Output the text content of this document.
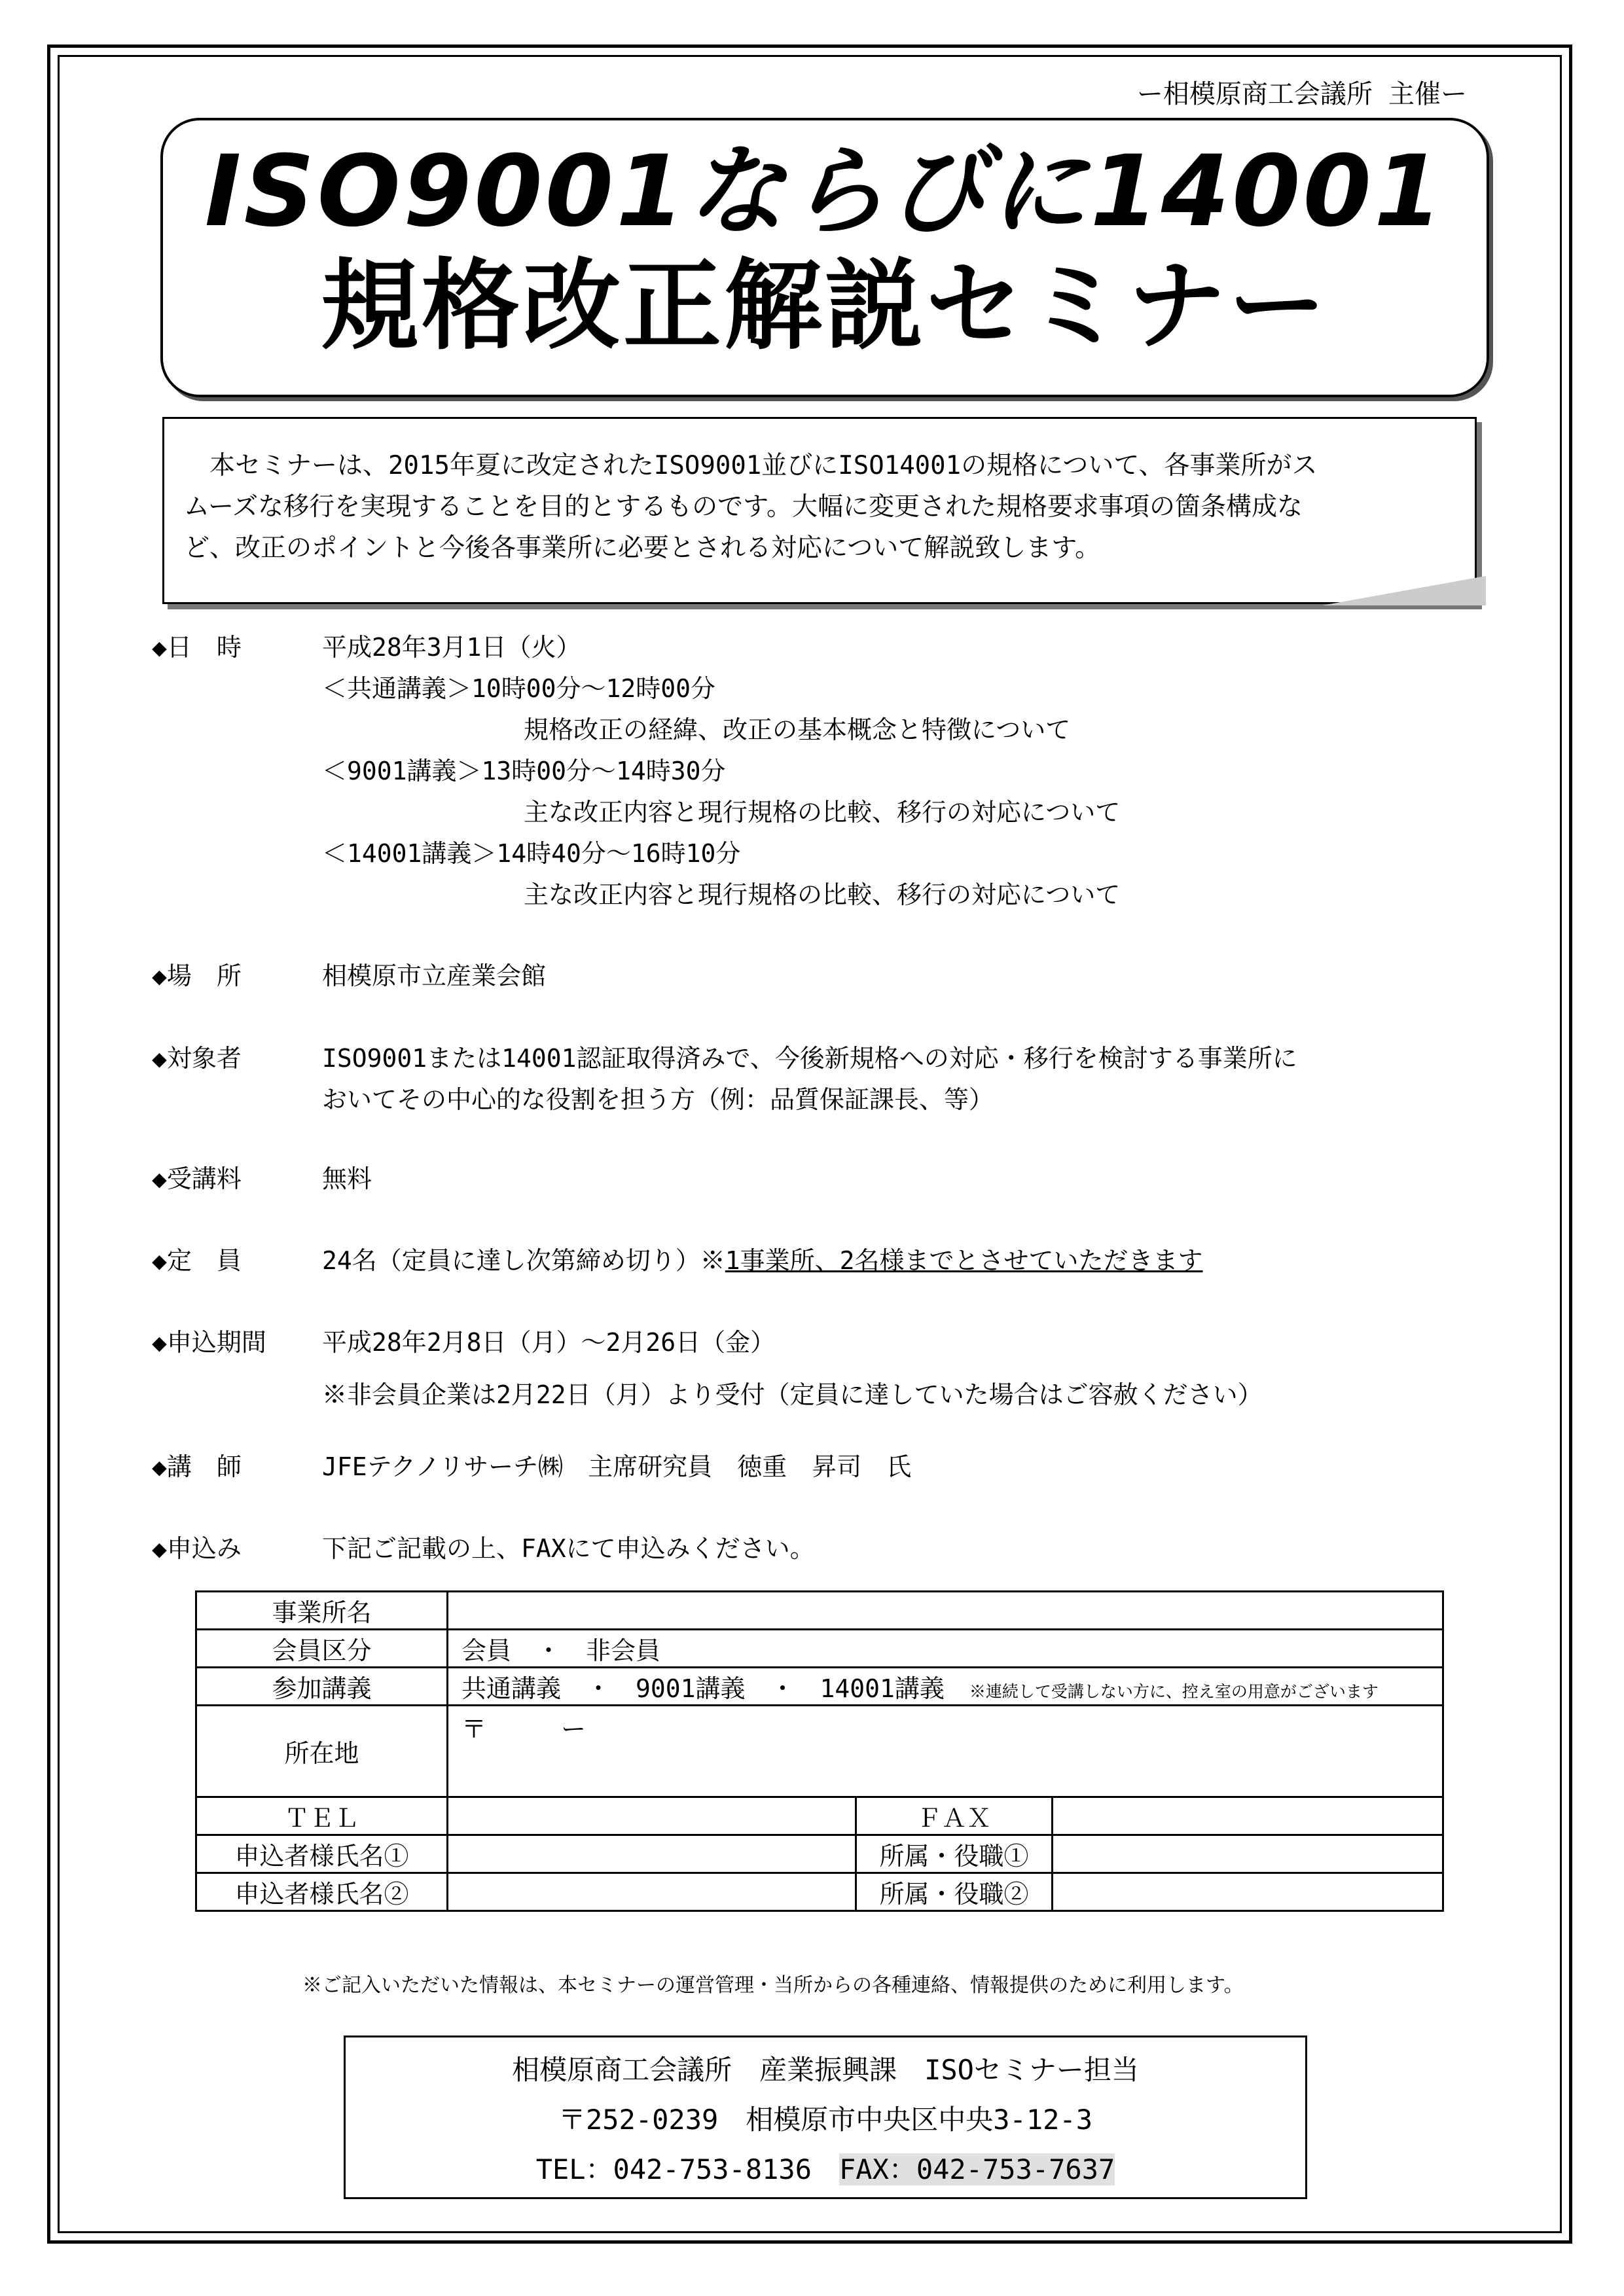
ー相模原商工会議所 主催ー
ISO9001ならびに14001
規格改正解説セミナー

本セミナーは、2015年夏に改定されたISO9001並びにISO14001の規格について、各事業所がス

ムーズな移行を実現することを目的とするものです。大幅に変更された規格要求事項の箇条構成な
ど、改正のポイントと今後各事業所に必要とされる対応について解説致します。
◆日　時	平成28年3月1日（火）
＜共通講義＞10時00分～12時00分
規格改正の経緯、改正の基本概念と特徴について
＜9001講義＞13時00分～14時30分
主な改正内容と現行規格の比較、移行の対応について
＜14001講義＞14時40分～16時10分
主な改正内容と現行規格の比較、移行の対応について
◆場　所	相模原市立産業会館
◆対象者	ISO9001または14001認証取得済みで、今後新規格への対応・移行を検討する事業所に
おいてその中心的な役割を担う方（例：品質保証課長、等）
◆受講料	無料
◆定　員	24名（定員に達し次第締め切り）※1事業所、2名様までとさせていただきます
◆申込期間 平成28年2月8日（月）～2月26日（金）
※非会員企業は2月22日（月）より受付（定員に達していた場合はご容赦ください）
◆講　師	JFEテクノリサーチ㈱　主席研究員　徳重　昇司　氏
◆申込み	下記ご記載の上、FAXにて申込みください。
事業所名			
会員区分	会員　・　非会員		
参加講義	共通講義　・　9001講義　・　14001講義　 ※連続して受講しない方に、控え室の用意がございます		
所在地	〒　　　ー		
ＴＥＬ		ＦＡＸ	
申込者様氏名①		所属・役職①	
申込者様氏名②		所属・役職②	
※ご記入いただいた情報は、本セミナーの運営管理・当所からの各種連絡、情報提供のために利用します。
相模原商工会議所　産業振興課　ISOセミナー担当
〒252-0239　相模原市中央区中央3-12-3
TEL：042-753-8136　 FAX：042-753-7637
